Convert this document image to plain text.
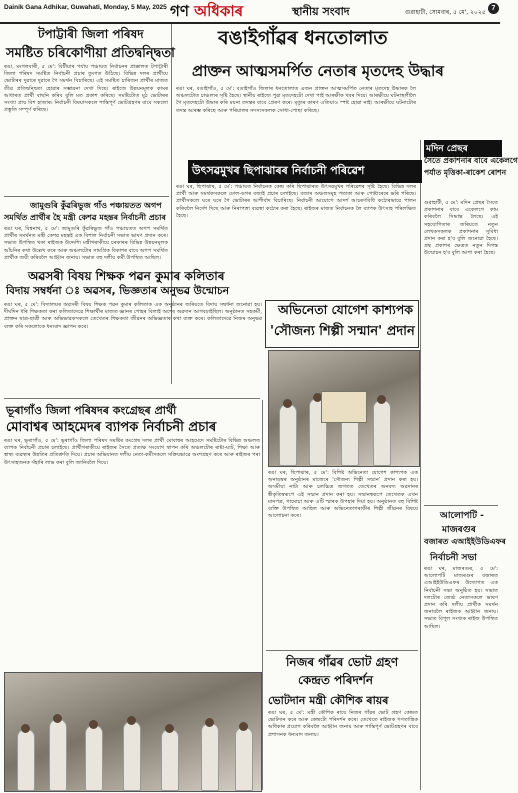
Dainik Gana Adhikar, Guwahati, Monday, 5 May, 2025 গণ অধিকাৰ	স্থানীয় সংবাদ	গুৱাহাটী, সোমবাৰ, ৫ মে', ২০২৫
7
টপাট্টাৰী জিলা পৰিষদ
সমষ্টিত চৰিকোণীয়া প্ৰতিদ্বন্দ্বিতা
ৰঙা, মংগলবাৰী, ৫ মে': বিটীয়াৰ পৰ্যায় পঞ্চায়ত নিৰ্বাচনৰ প্ৰাক্কালত টপাট্টাৰী জিলা পৰিষদ সমষ্টিত নিৰ্বাচনী প্ৰচাৰ তুংগত উঠিছে। বিভিন্ন দলৰ প্ৰাৰ্থীয়ে ভোটাৰৰ দুৱাৰে দুৱাৰে গৈ সমৰ্থন বিচাৰিছে। এই সমষ্টিত চাৰিজন প্ৰাৰ্থীৰ মাজত তীব্ৰ প্ৰতিদ্বন্দ্বিতা হোৱাৰ সম্ভাৱনা দেখা দিছে। ৰাইজে উন্নয়নমূলক কামৰ আধাৰত প্ৰাৰ্থী বাছনি কৰিব বুলি মত প্ৰকাশ কৰিছে। সমষ্টিটোত মুঠ ভোটাৰৰ সংখ্যা প্ৰায় বিশ হাজাৰ। নিৰ্বাচনী বিষয়াসকলে শান্তিপূৰ্ণ ভোটগ্ৰহণৰ বাবে সকলো প্ৰস্তুতি সম্পূৰ্ণ কৰিছে।
বঙাইগাঁৱৰ ধনতোলাত
প্ৰাক্তন আত্মসমৰ্পিত নেতাৰ মৃতদেহ উদ্ধাৰ
ৰঙা ঘৰ, বঙাইগাঁও, ৫ মে': বঙাইগাঁও জিলাৰ ধনতোলাত এজন প্ৰাক্তন আত্মসমৰ্পিত নেতাৰ মৃতদেহ উদ্ধাৰক লৈ অঞ্চলটোত চাঞ্চল্যৰ সৃষ্টি হৈছে। স্থানীয় ৰাইজে পুৱা মৃতদেহটো দেখা পাই আৰক্ষীক খবৰ দিয়ে। আৰক্ষীয়ে ঘটনাস্থলীলৈ গৈ মৃতদেহটো উদ্ধাৰ কৰি ময়না তদন্তৰ বাবে প্ৰেৰণ কৰে। মৃত্যুৰ কাৰণ এতিয়াও স্পষ্ট হোৱা নাই। আৰক্ষীয়ে ঘটনাটোৰ তদন্ত আৰম্ভ কৰিছে আৰু পৰিয়ালৰ সদস্যসকলক সোধা-পোছা কৰিছে।
মদিন প্ৰেছৰ
সৈতে প্ৰকাশনাৰ বাবে একেলগে
পৰ্যাত মৃত্তিকা-ৰাকেশ ৰোশন
গুৱাহাটী, ৫ মে': মদিন প্ৰেছৰ সৈতে প্ৰকাশনাৰ বাবে একেলগে কাম কৰিবলৈ সিদ্ধান্ত লৈছে। এই সহযোগিতাৰ জৰিয়তে নতুন লেখকসকলক প্ৰকাশনাৰ সুবিধা প্ৰদান কৰা হ'ব বুলি জনোৱা হৈছে। গ্ৰন্থ প্ৰকাশৰ ক্ষেত্ৰত নতুন দিগন্ত উন্মোচন হ'ব বুলি আশা কৰা হৈছে।
উৎসৱমুখৰ ছিপাঝাৰৰ নিৰ্বাচনী পৰিৱেশ
ৰঙা ঘৰ, ছিপাঝাৰ, ৫ মে': পঞ্চায়ত নিৰ্বাচনক কেন্দ্ৰ কৰি ছিপাঝাৰত উৎসৱমুখৰ পৰিৱেশৰ সৃষ্টি হৈছে। বিভিন্ন দলৰ প্ৰাৰ্থী আৰু সমৰ্থকসকলে ঢোল-ডগৰ বজাই প্ৰচাৰ চলাইছে। বজাৰ অঞ্চলসমূহ পতাকা আৰু পোষ্টাৰেৰে ভৰি পৰিছে। প্ৰাৰ্থীসকলে ঘৰে ঘৰে গৈ ভোটাৰৰ আশীৰ্বাদ বিচাৰিছে। নিৰ্বাচনী আয়োগে আদৰ্শ আচৰণবিধি কঠোৰভাৱে পালন কৰিবলৈ নিৰ্দেশ দিছে আৰু নিৰাপত্তা ব্যৱস্থা কঠোৰ কৰা হৈছে। ৰাইজৰ মাজত নিৰ্বাচনক লৈ ব্যাপক উৎসাহ পৰিলক্ষিত হৈছে।
জামুগুৰি কুঁৱৰিভুজ গাঁও পঞ্চায়তত অগপ
সমৰ্থিত প্ৰাৰ্থীৰ হৈ মন্ত্ৰী কেশৱ মহন্তৰ নিৰ্বাচনী প্ৰচাৰ
ৰঙা ঘৰ, বিশ্বনাথ, ৫ মে': জামুগুৰি কুঁৱৰিভুজ গাঁও পঞ্চায়তত অগপ সমৰ্থিত প্ৰাৰ্থীৰ সমৰ্থনত মন্ত্ৰী কেশৱ মহন্তই এক বিশাল নিৰ্বাচনী সভাত ভাষণ প্ৰদান কৰে। সভাত উপস্থিত থকা ৰাইজক উদ্দেশ্যি মন্ত্ৰীগৰাকীয়ে চৰকাৰৰ বিভিন্ন উন্নয়নমূলক আঁচনিৰ কথা উল্লেখ কৰে আৰু অঞ্চলটোৰ সামগ্ৰিক বিকাশৰ বাবে অগপ সমৰ্থিত প্ৰাৰ্থীক জয়ী কৰিবলৈ আহ্বান জনায়। সভাত বহু দলীয় কৰ্মী উপস্থিত আছিল।
অৱসৰী বিষয় শিক্ষক পৱন কুমাৰ কলিতাৰ
বিদায় সম্বৰ্ধনা ঃ অৱসৰ, ভিজ্ঞতাৰ অনুভৱ উন্মোচন
ৰঙা ঘৰ, ৫ মে': বিদ্যালয়ৰ অৱসৰী বিষয় শিক্ষক পৱন কুমাৰ কলিতাক এক অনুষ্ঠানৰ জৰিয়তে বিদায় সম্বৰ্ধনা জনোৱা হয়। দীৰ্ঘদিন ধৰি শিক্ষকতা কৰা কলিতাদেৱে শিক্ষাৰ্থীৰ মাজত জ্ঞানৰ পোহৰ বিলাই অশেষ অৱদান আগবঢ়াইছিল। অনুষ্ঠানত সহকৰ্মী, প্ৰাক্তন ছাত্ৰ-ছাত্ৰী আৰু অভিভাৱকসকলে তেখেতৰ শিক্ষকতা জীৱনৰ অভিজ্ঞতাৰ কথা ব্যক্ত কৰে। কলিতাদেৱে নিজৰ অনুভৱ ব্যক্ত কৰি সকলোকে ধন্যবাদ জ্ঞাপন কৰে।
অভিনেতা যোগেশ কাশ্যপক
'সৌজন্য শিল্পী সন্মান' প্ৰদান
ৰঙা ঘৰ, ছিপাঝাৰ, ৫ মে': বিশিষ্ট অভিনেতা যোগেশ কাশ্যপক এক অনাড়ম্বৰ অনুষ্ঠানৰ মাজেৰে 'সৌজন্য শিল্পী সন্মান' প্ৰদান কৰা হয়। অসমীয়া নাট্য আৰু চলচ্চিত্ৰ জগতত তেখেতৰ অনবদ্য অৱদানৰ স্বীকৃতিস্বৰূপে এই সন্মান প্ৰদান কৰা হয়। সন্মানস্বৰূপে তেখেতক এখন মানপত্ৰ, গামোচা আৰু এটি স্মাৰক উপহাৰ দিয়া হয়। অনুষ্ঠানত বহু বিশিষ্ট ব্যক্তি উপস্থিত আছিল আৰু অভিনেতাগৰাকীৰ শিল্পী জীৱনৰ বিষয়ে আলোচনা কৰে।
ভূৰাগাঁও জিলা পৰিষদৰ কংগ্ৰেছৰ প্ৰাৰ্থী
মোবাশ্বৰ আহমেদৰ ব্যাপক নিৰ্বাচনী প্ৰচাৰ
ৰঙা ঘৰ, ভূৰাগাঁও, ৫ মে': ভূৰাগাঁও জিলা পৰিষদ সমষ্টিৰ কংগ্ৰেছ দলৰ প্ৰাৰ্থী মোবাশ্বৰ আহমেদে সমষ্টিটোৰ বিভিন্ন অঞ্চলত ব্যাপক নিৰ্বাচনী প্ৰচাৰ চলাইছে। প্ৰাৰ্থীগৰাকীয়ে ৰাইজৰ সৈতে প্ৰত্যক্ষ সংযোগ স্থাপন কৰি অঞ্চলটোৰ ৰাষ্টা-ঘাট, শিক্ষা আৰু স্বাস্থ্য ব্যৱস্থাৰ উন্নতিৰ প্ৰতিশ্ৰুতি দিয়ে। প্ৰচাৰ অভিযানত দলীয় নেতা-কৰ্মীসকলে সক্ৰিয়ভাৱে অংশগ্ৰহণ কৰে আৰু ৰাইজৰ পৰা উৎসাহজনক সঁহাৰি লাভ কৰা বুলি জানিবলৈ দিয়ে।
আলোপটি -
মাজৰগুৰ
বজাৰত এআইইউডিএফৰ
নিৰ্বাচনী সভা
ৰঙা ঘৰ, মাজৰগুৰ, ৫ মে': আলোপটি মাজৰগুৰ বজাৰত এআইইউডিএফৰ উদ্যোগত এক নিৰ্বাচনী সভা অনুষ্ঠিত হয়। সভাত দলটোৰ জ্যেষ্ঠ নেতাসকলে ভাষণ প্ৰদান কৰি দলীয় প্ৰাৰ্থীক সমৰ্থন জনাবলৈ ৰাইজক আহ্বান জনায়। সভাত বিপুল সংখ্যক ৰাইজ উপস্থিত আছিল।
নিজৰ গাঁৱৰ ভোট গ্ৰহণ
কেন্দ্ৰত পৰিদৰ্শন
ভোটদান মন্ত্ৰী কৌশিক ৰায়ৰ
ৰঙা ঘৰ, ৫ মে': মন্ত্ৰী কৌশিক ৰায়ে নিজৰ গাঁৱৰ ভোট গ্ৰহণ কেন্দ্ৰত ভোটদান কৰে আৰু কেন্দ্ৰটো পৰিদৰ্শন কৰে। তেখেতে ৰাইজক গণতান্ত্ৰিক অধিকাৰ প্ৰয়োগ কৰিবলৈ আহ্বান জনায় আৰু শান্তিপূৰ্ণ ভোটগ্ৰহণৰ বাবে প্ৰশাসনক ধন্যবাদ জনায়।
